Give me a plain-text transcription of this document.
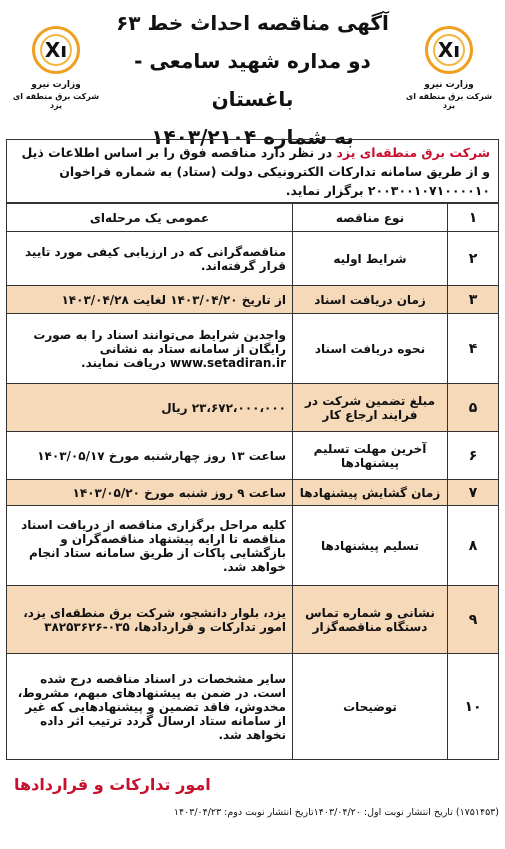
Xı
وزارت نیرو
شرکت برق منطقه ای یزد
Xı
وزارت نیرو
شرکت برق منطقه ای یزد
آگهی مناقصه احداث خط ۶۳
دو مداره شهید سامعی - باغستان
به شماره ۱۴۰۳/۲۱۰۴
شرکت برق منطقه‌ای یزد در نظر دارد مناقصه فوق را بر اساس اطلاعات ذیل و از طریق سامانه تدارکات الکترونیکی دولت (ستاد) به شماره فراخوان ۲۰۰۳۰۰۱۰۷۱۰۰۰۰۱۰ برگزار نماید.
۱	نوع مناقصه	عمومی یک مرحله‌ای
۲	شرایط اولیه	مناقصه‌گرانی که در ارزیابی کیفی مورد تایید قرار گرفته‌اند.
۳	زمان دریافت اسناد	از تاریخ ۱۴۰۳/۰۴/۲۰ لغایت ۱۴۰۳/۰۴/۲۸
۴	نحوه دریافت اسناد	واجدین شرایط می‌توانند اسناد را به صورت رایگان از سامانه ستاد به نشانی www.setadiran.ir دریافت نمایند.
۵	مبلغ تضمین شرکت در فرایند ارجاع کار	۲۳،۶۷۲،۰۰۰،۰۰۰ ریال
۶	آخرین مهلت تسلیم پیشنهادها	ساعت ۱۳ روز چهارشنبه مورخ ۱۴۰۳/۰۵/۱۷
۷	زمان گشایش پیشنهادها	ساعت ۹ روز شنبه مورخ ۱۴۰۳/۰۵/۲۰
۸	تسلیم پیشنهادها	کلیه مراحل برگزاری مناقصه از دریافت اسناد مناقصه تا ارایه پیشنهاد مناقصه‌گران و بازگشایی پاکات از طریق سامانه ستاد انجام خواهد شد.
۹	نشانی و شماره تماس دستگاه مناقصه‌گزار	یزد، بلوار دانشجو، شرکت برق منطقه‌ای یزد، امور تدارکات و قراردادها، ۰۳۵-۳۸۲۵۳۶۲۶
۱۰	توضیحات	سایر مشخصات در اسناد مناقصه درج شده است. در ضمن به پیشنهادهای مبهم، مشروط، مخدوش، فاقد تضمین و پیشنهادهایی که غیر از سامانه ستاد ارسال گردد ترتیب اثر داده نخواهد شد.
امور تدارکات و قراردادها
(۱۷۵۱۴۵۳) تاریخ انتشار نوبت اول: ۱۴۰۳/۰۴/۲۰تاریخ انتشار نوبت دوم: ۱۴۰۳/۰۴/۲۳
